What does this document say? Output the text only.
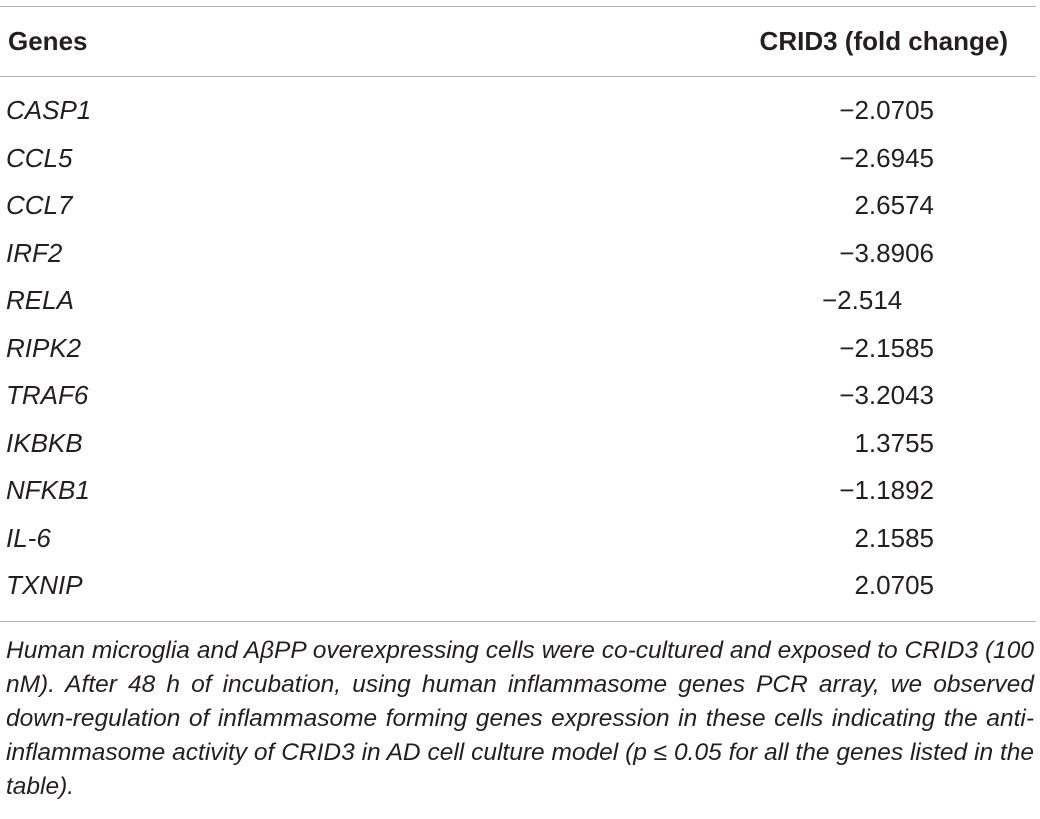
Genes	CRID3 (fold change)
CASP1	−2.0705
CCL5	−2.6945
CCL7	2.6574
IRF2	−3.8906
RELA	−2.514
RIPK2	−2.1585
TRAF6	−3.2043
IKBKB	1.3755
NFKB1	−1.1892
IL-6	2.1585
TXNIP	2.0705
Human microglia and AβPP overexpressing cells were co-cultured and exposed to CRID3 (100 nM). After 48 h of incubation, using human inflammasome genes PCR array, we observed down-regulation of inflammasome forming genes expression in these cells indicating the anti-inflammasome activity of CRID3 in AD cell culture model (p ≤ 0.05 for all the genes listed in the table).
